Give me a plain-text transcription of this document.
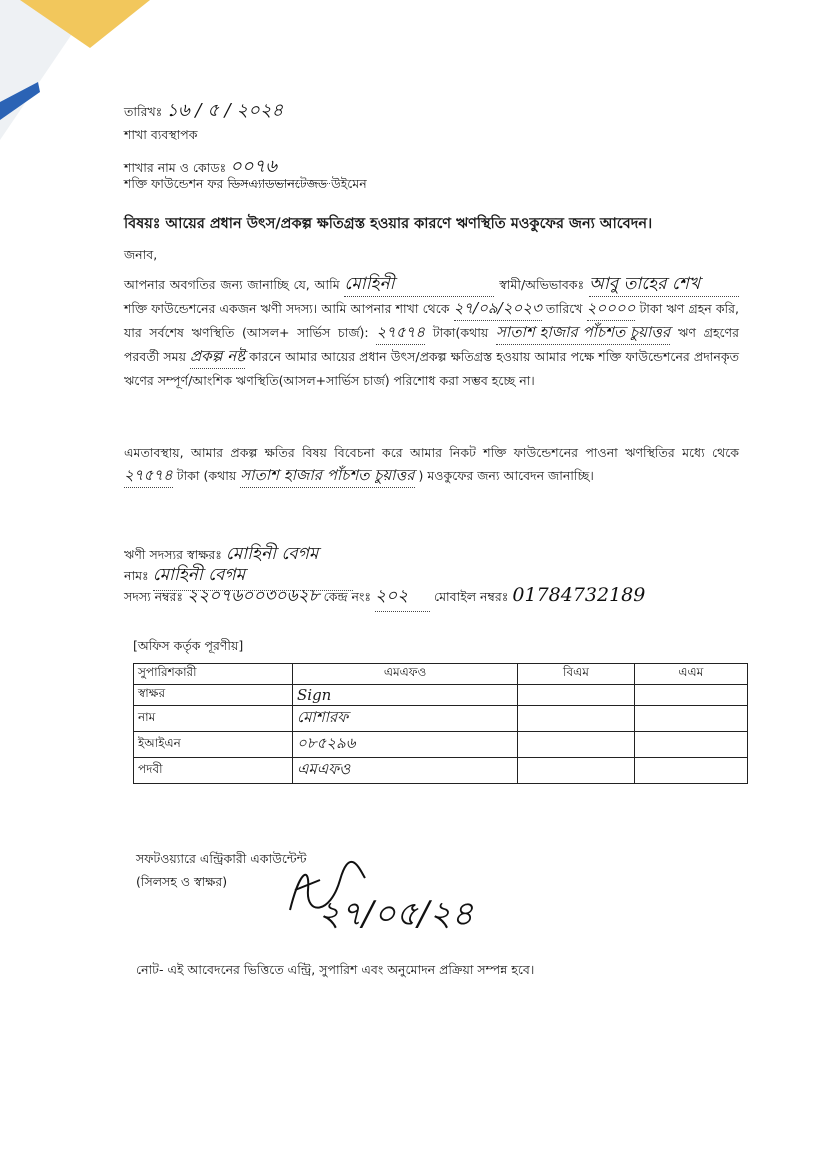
তারিখঃ ১৬ / ৫ / ২০২৪
শাখা ব্যবস্থাপক
শাখার নাম ও কোডঃ ০০৭৬
শক্তি ফাউন্ডেশন ফর ডিসএ্যাডভানটেজড উইমেন
বিষয়ঃ আয়ের প্রধান উৎস/প্রকল্প ক্ষতিগ্রস্ত হওয়ার কারণে ঋণস্থিতি মওকুফের জন্য আবেদন।
জনাব,
আপনার অবগতির জন্য জানাচ্ছি যে, আমি মোহিনী	স্বামী/অভিভাবকঃ আবু তাহের শেখ শক্তি ফাউন্ডেশনের একজন ঋণী সদস্য। আমি আপনার শাখা থেকে ২৭/০৯/২০২৩ তারিখে ২০০০০ টাকা ঋণ গ্রহন করি, যার সর্বশেষ ঋণস্থিতি (আসল+ সার্ভিস চার্জ): ২৭৫৭৪ টাকা(কথায় সাতাশ হাজার পাঁচশত চুয়াত্তর ঋণ গ্রহণের পরবর্তী সময় প্রকল্প নষ্ট কারনে আমার আয়ের প্রধান উৎস/প্রকল্প ক্ষতিগ্রস্ত হওয়ায় আমার পক্ষে শক্তি ফাউন্ডেশনের প্রদানকৃত ঋণের সম্পূর্ণ/আংশিক ঋণস্থিতি(আসল+সার্ভিস চার্জ) পরিশোধ করা সম্ভব হচ্ছে না।
এমতাবস্থায়, আমার প্রকল্প ক্ষতির বিষয় বিবেচনা করে আমার নিকট শক্তি ফাউন্ডেশনের পাওনা ঋণস্থিতির মধ্যে থেকে ২৭৫৭৪ টাকা (কথায় সাতাশ হাজার পাঁচশত চুয়াত্তর ) মওকুফের জন্য আবেদন জানাচ্ছি।
ঋণী সদস্যর স্বাক্ষরঃ মোহিনী বেগম
নামঃ মোহিনী বেগম
সদস্য নম্বরঃ ২২০৭৬০০৩০৬২৮ কেন্দ্র নংঃ ২০২ মোবাইল নম্বরঃ 01784732189
[অফিস কর্তৃক পূরণীয়]
সুপারিশকারী	এমএফও	বিএম	এএম
স্বাক্ষর	Sign		
নাম	মোশারফ		
ইআইএন	০৮৫২৯৬		
পদবী	এমএফও		
সফটওয়্যারে এন্ট্রিকারী একাউন্টেন্ট
(সিলসহ ও স্বাক্ষর)
২৭/০৫/২৪
নোট- এই আবেদনের ভিত্তিতে এন্ট্রি, সুপারিশ এবং অনুমোদন প্রক্রিয়া সম্পন্ন হবে।
